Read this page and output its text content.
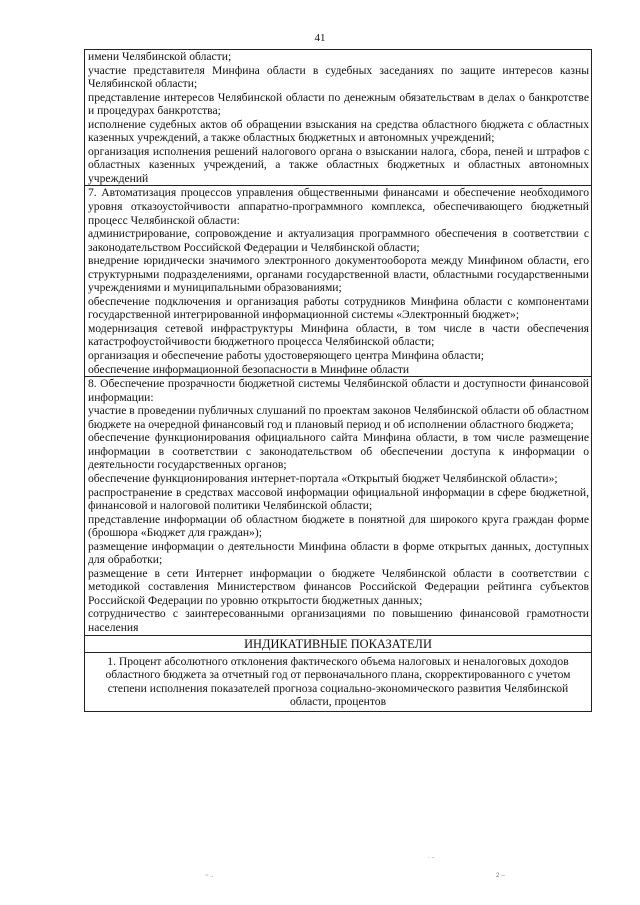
41

имени Челябинской области;

участие представителя Минфина области в судебных заседаниях по защите интересов казны Челябинской области;

представление интересов Челябинской области по денежным обязательствам в делах о банкротстве и процедурах банкротства;

исполнение судебных актов об обращении взыскания на средства областного бюджета с областных казенных учреждений, а также областных бюджетных и автономных учреждений;

организация исполнения решений налогового органа о взыскании налога, сбора, пеней и штрафов с областных казенных учреждений, а также областных бюджетных и областных автономных учреждений

7. Автоматизация процессов управления общественными финансами и обеспечение необходимого уровня отказоустойчивости аппаратно-программного комплекса, обеспечивающего бюджетный процесс Челябинской области:

администрирование, сопровождение и актуализация программного обеспечения в соответствии с законодательством Российской Федерации и Челябинской области;

внедрение юридически значимого электронного документооборота между Минфином области, его структурными подразделениями, органами государственной власти, областными государственными учреждениями и муниципальными образованиями;

обеспечение подключения и организация работы сотрудников Минфина области с компонентами государственной интегрированной информационной системы «Электронный бюджет»;

модернизация сетевой инфраструктуры Минфина области, в том числе в части обеспечения катастрофоустойчивости бюджетного процесса Челябинской области;

организация и обеспечение работы удостоверяющего центра Минфина области;

обеспечение информационной безопасности в Минфине области

8. Обеспечение прозрачности бюджетной системы Челябинской области и доступности финансовой информации:

участие в проведении публичных слушаний по проектам законов Челябинской области об областном бюджете на очередной финансовый год и плановый период и об исполнении областного бюджета;

обеспечение функционирования официального сайта Минфина области, в том числе размещение информации в соответствии с законодательством об обеспечении доступа к информации о деятельности государственных органов;

обеспечение функционирования интернет-портала «Открытый бюджет Челябинской области»;

распространение в средствах массовой информации официальной информации в сфере бюджетной, финансовой и налоговой политики Челябинской области;

представление информации об областном бюджете в понятной для широкого круга граждан форме (брошюра «Бюджет для граждан»);

размещение информации о деятельности Минфина области в форме открытых данных, доступных для обработки;

размещение в сети Интернет информации о бюджете Челябинской области в соответствии с методикой составления Министерством финансов Российской Федерации рейтинга субъектов Российской Федерации по уровню открытости бюджетных данных;

сотрудничество с заинтересованными организациями по повышению финансовой грамотности населения

ИНДИКАТИВНЫЕ ПОКАЗАТЕЛИ
1. Процент абсолютного отклонения фактического объема налоговых и неналоговых доходов областного бюджета за отчетный год от первоначального плана, скорректированного с учетом степени исполнения показателей прогноза социально-экономического развития Челябинской области, процентов
~ ..
. ..
2 --
